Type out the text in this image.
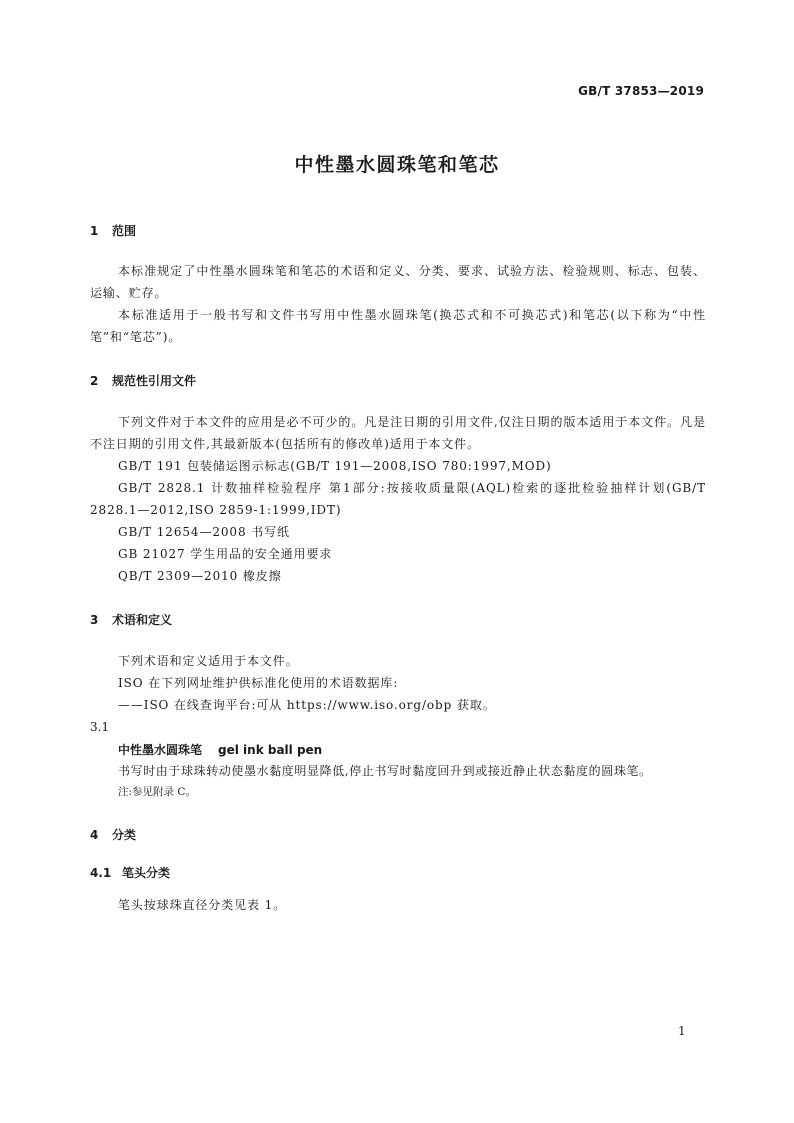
GB/T 37853—2019
中性墨水圆珠笔和笔芯
1 范围
本标准规定了中性墨水圆珠笔和笔芯的术语和定义、分类、要求、试验方法、检验规则、标志、包装、运输、贮存。
本标准适用于一般书写和文件书写用中性墨水圆珠笔(换芯式和不可换芯式)和笔芯(以下称为“中性笔”和“笔芯”)。
2 规范性引用文件
下列文件对于本文件的应用是必不可少的。凡是注日期的引用文件,仅注日期的版本适用于本文件。凡是不注日期的引用文件,其最新版本(包括所有的修改单)适用于本文件。
GB/T 191 包装储运图示标志(GB/T 191—2008,ISO 780:1997,MOD)
GB/T 2828.1 计数抽样检验程序 第1部分:按接收质量限(AQL)检索的逐批检验抽样计划(GB/T 2828.1—2012,ISO 2859-1:1999,IDT)
GB/T 12654—2008 书写纸
GB 21027 学生用品的安全通用要求
QB/T 2309—2010 橡皮擦
3 术语和定义
下列术语和定义适用于本文件。
ISO 在下列网址维护供标准化使用的术语数据库:
——ISO 在线查询平台:可从 https://www.iso.org/obp 获取。
3.1
中性墨水圆珠笔 gel ink ball pen
书写时由于球珠转动使墨水黏度明显降低,停止书写时黏度回升到或接近静止状态黏度的圆珠笔。
注:参见附录 C。
4 分类
4.1 笔头分类
笔头按球珠直径分类见表 1。
1
